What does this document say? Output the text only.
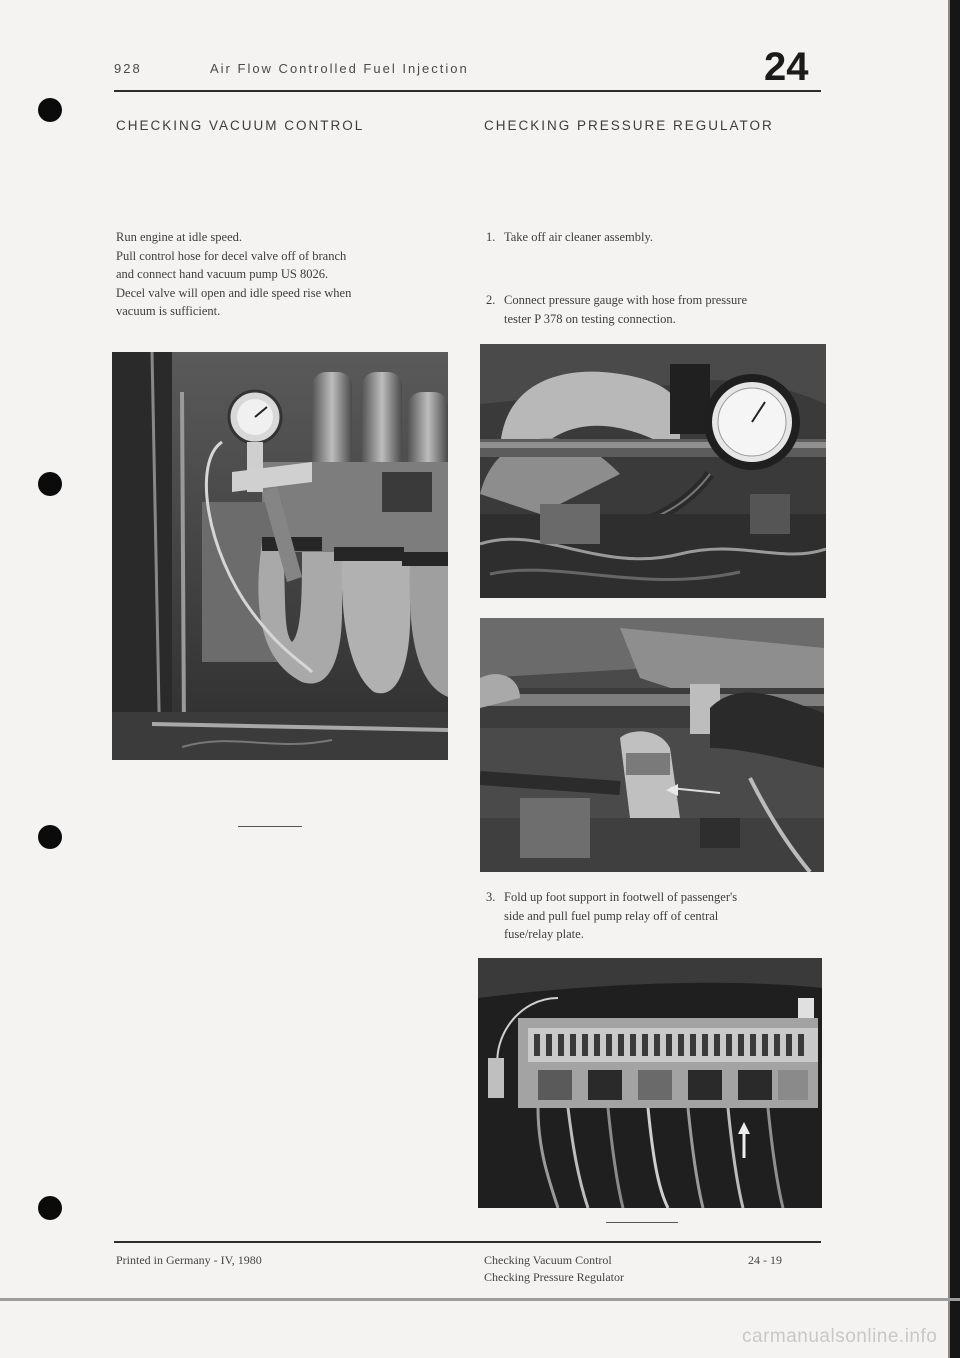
928	Air Flow Controlled Fuel Injection	24
CHECKING VACUUM CONTROL	CHECKING PRESSURE REGULATOR
Run engine at idle speed.
Pull control hose for decel valve off of branch
and connect hand vacuum pump US 8026.
Decel valve will open and idle speed rise when
vacuum is sufficient.
1. Take off air cleaner assembly.
2. Connect pressure gauge with hose from pressure
tester P 378 on testing connection.
3. Fold up foot support in footwell of passenger's
side and pull fuel pump relay off of central
fuse/relay plate.
Printed in Germany - IV, 1980	Checking Vacuum Control
Checking Pressure Regulator
24 - 19
carmanualsonline.info
